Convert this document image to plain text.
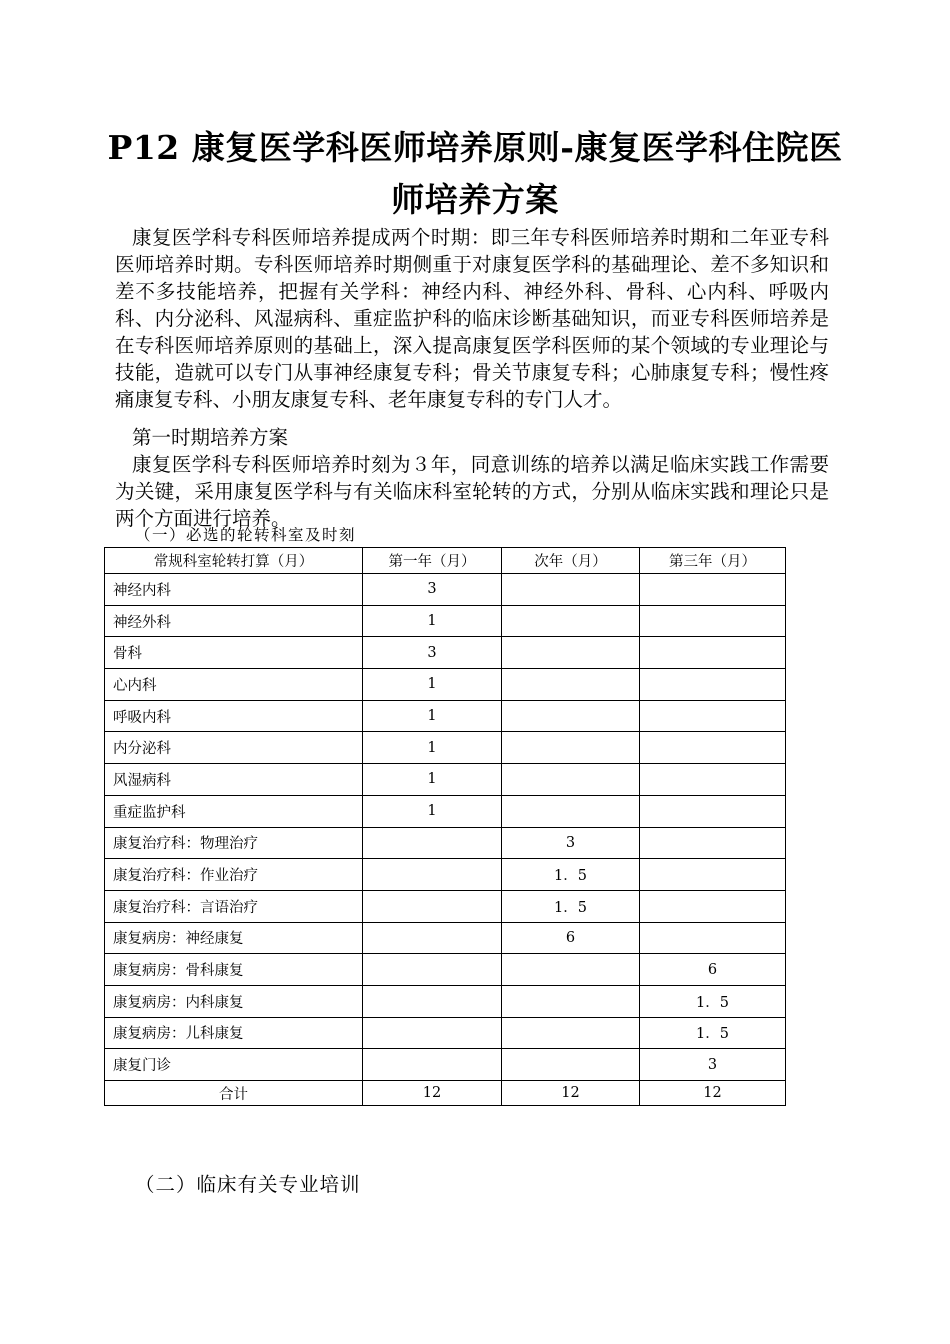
P12 康复医学科医师培养原则-康复医学科住院医师培养方案
康复医学科专科医师培养提成两个时期：即三年专科医师培养时期和二年亚专科医师培养时期。专科医师培养时期侧重于对康复医学科的基础理论、差不多知识和差不多技能培养，把握有关学科：神经内科、神经外科、骨科、心内科、呼吸内科、内分泌科、风湿病科、重症监护科的临床诊断基础知识，而亚专科医师培养是在专科医师培养原则的基础上，深入提高康复医学科医师的某个领域的专业理论与技能，造就可以专门从事神经康复专科；骨关节康复专科；心肺康复专科；慢性疼痛康复专科、小朋友康复专科、老年康复专科的专门人才。
第一时期培养方案
康复医学科专科医师培养时刻为３年，同意训练的培养以满足临床实践工作需要为关键，采用康复医学科与有关临床科室轮转的方式，分别从临床实践和理论只是两个方面进行培养。
（一）必选的轮转科室及时刻
常规科室轮转打算（月）	第一年（月）	次年（月）	第三年（月）
神经内科	3		
神经外科	1		
骨科	3		
心内科	1		
呼吸内科	1		
内分泌科	1		
风湿病科	1		
重症监护科	1		
康复治疗科：物理治疗		3	
康复治疗科：作业治疗		1．5	
康复治疗科：言语治疗		1．5	
康复病房：神经康复		6	
康复病房：骨科康复			6
康复病房：内科康复			1．5
康复病房：儿科康复			1．5
康复门诊			3
合计	12	12	12
（二）临床有关专业培训
